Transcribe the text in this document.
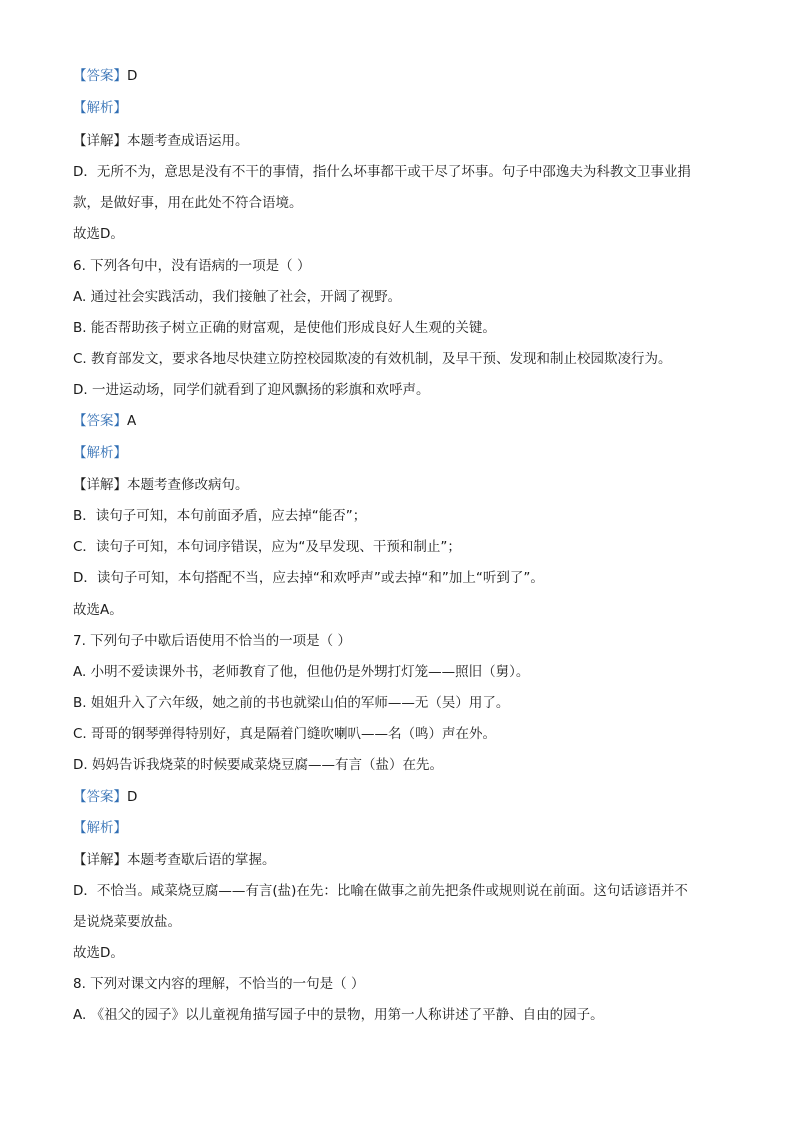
【答案】D
【解析】
【详解】本题考查成语运用。
D．无所不为，意思是没有不干的事情，指什么坏事都干或干尽了坏事。句子中邵逸夫为科教文卫事业捐
款，是做好事，用在此处不符合语境。
故选D。
6. 下列各句中，没有语病的一项是（ ）
A. 通过社会实践活动，我们接触了社会，开阔了视野。
B. 能否帮助孩子树立正确的财富观，是使他们形成良好人生观的关键。
C. 教育部发文，要求各地尽快建立防控校园欺凌的有效机制，及早干预、发现和制止校园欺凌行为。
D. 一进运动场，同学们就看到了迎风飘扬的彩旗和欢呼声。
【答案】A
【解析】
【详解】本题考查修改病句。
B．读句子可知，本句前面矛盾，应去掉“能否”；
C．读句子可知，本句词序错误，应为“及早发现、干预和制止”；
D．读句子可知，本句搭配不当，应去掉“和欢呼声”或去掉“和”加上“听到了”。
故选A。
7. 下列句子中歇后语使用不恰当的一项是（ ）
A. 小明不爱读课外书，老师教育了他，但他仍是外甥打灯笼——照旧（舅）。
B. 姐姐升入了六年级，她之前的书也就梁山伯的军师——无（吴）用了。
C. 哥哥的钢琴弹得特别好，真是隔着门缝吹喇叭——名（鸣）声在外。
D. 妈妈告诉我烧菜的时候要咸菜烧豆腐——有言（盐）在先。
【答案】D
【解析】
【详解】本题考查歇后语的掌握。
D．不恰当。咸菜烧豆腐——有言(盐)在先：比喻在做事之前先把条件或规则说在前面。这句话谚语并不
是说烧菜要放盐。
故选D。
8. 下列对课文内容的理解，不恰当的一句是（ ）
A. 《祖父的园子》以儿童视角描写园子中的景物，用第一人称讲述了平静、自由的园子。
